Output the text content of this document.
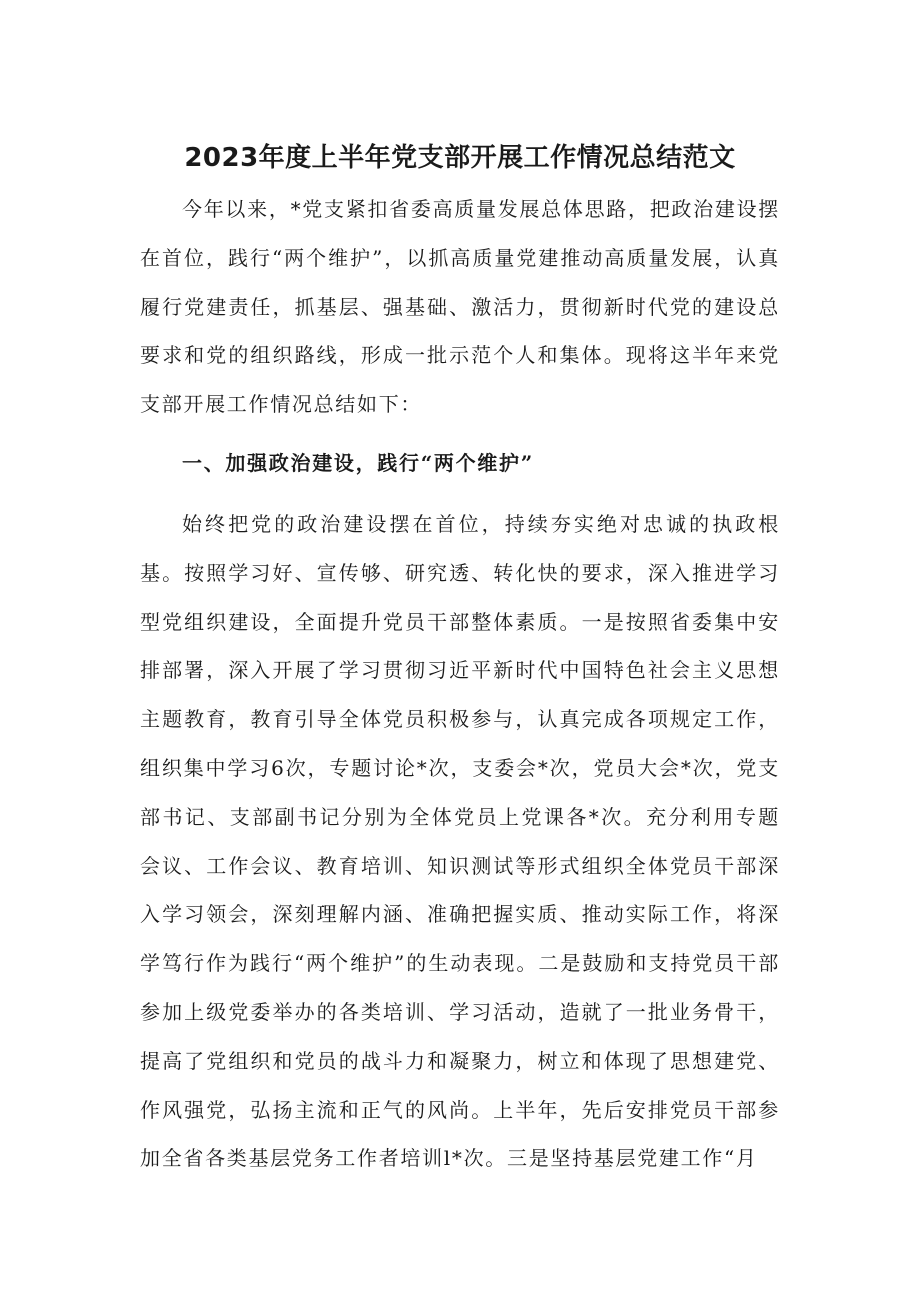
2023年度上半年党支部开展工作情况总结范文

今年以来，*党支紧扣省委高质量发展总体思路，把政治建设摆在首位，践行“两个维护”，以抓高质量党建推动高质量发展，认真履行党建责任，抓基层、强基础、激活力，贯彻新时代党的建设总要求和党的组织路线，形成一批示范个人和集体。现将这半年来党支部开展工作情况总结如下：

一、加强政治建设，践行“两个维护”

始终把党的政治建设摆在首位，持续夯实绝对忠诚的执政根基。按照学习好、宣传够、研究透、转化快的要求，深入推进学习型党组织建设，全面提升党员干部整体素质。一是按照省委集中安排部署，深入开展了学习贯彻习近平新时代中国特色社会主义思想主题教育，教育引导全体党员积极参与，认真完成各项规定工作，组织集中学习6次，专题讨论*次，支委会*次，党员大会*次，党支部书记、支部副书记分别为全体党员上党课各*次。充分利用专题会议、工作会议、教育培训、知识测试等形式组织全体党员干部深入学习领会，深刻理解内涵、准确把握实质、推动实际工作，将深学笃行作为践行“两个维护”的生动表现。二是鼓励和支持党员干部参加上级党委举办的各类培训、学习活动，造就了一批业务骨干，提高了党组织和党员的战斗力和凝聚力，树立和体现了思想建党、作风强党，弘扬主流和正气的风尚。上半年，先后安排党员干部参加全省各类基层党务工作者培训l*次。三是坚持基层党建工作“月
